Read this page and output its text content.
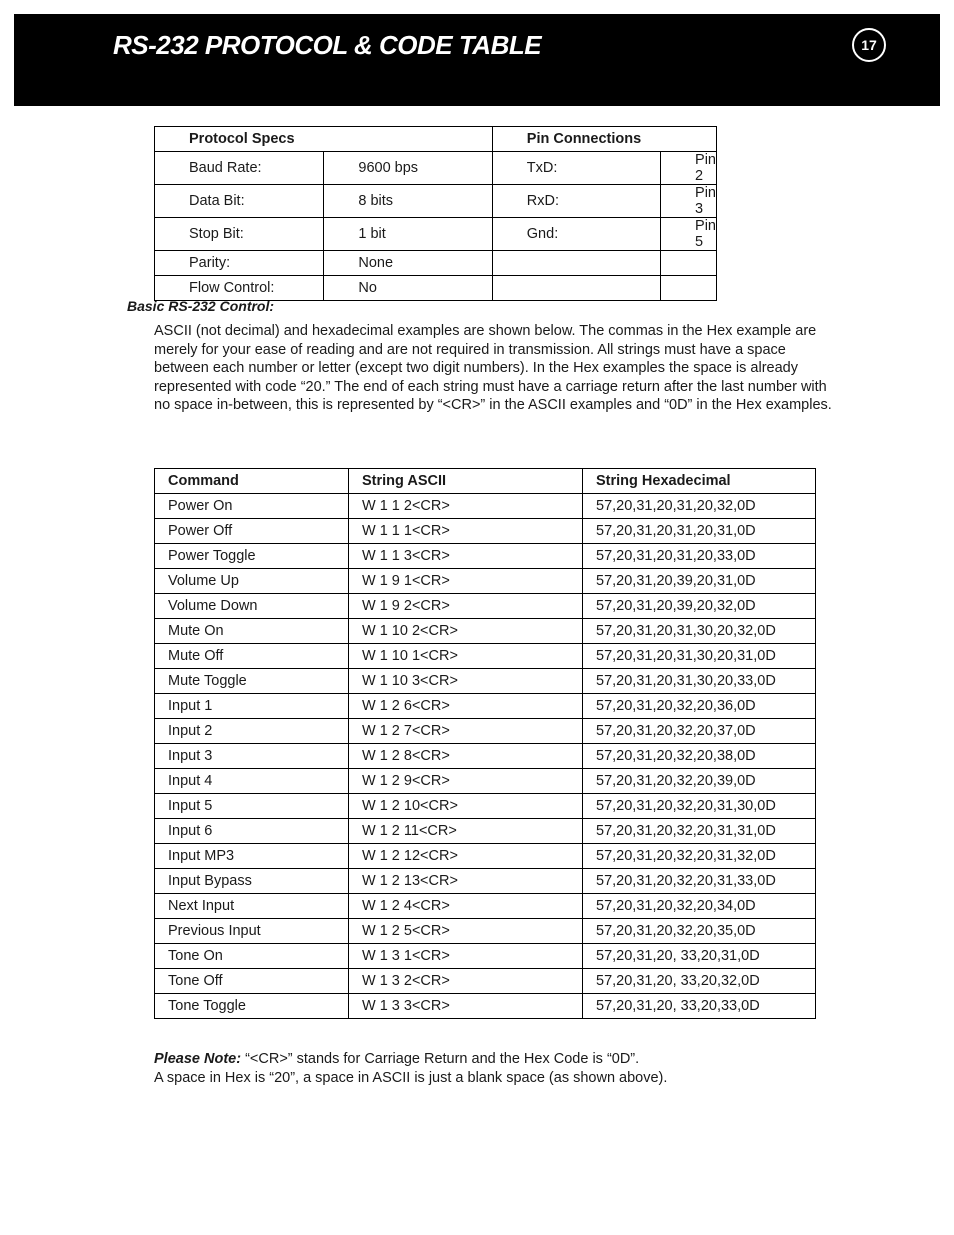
RS-232 PROTOCOL & CODE TABLE	17
Protocol Specs		Pin Connections	
Baud Rate:	9600 bps	TxD:	Pin 2
Data Bit:	8 bits	RxD:	Pin 3
Stop Bit:	1 bit	Gnd:	Pin 5
Parity:	None		
Flow Control:	No		
Basic RS-232 Control:
ASCII (not decimal) and hexadecimal examples are shown below. The commas in the Hex example are merely for your ease of reading and are not required in transmission. All strings must have a space between each number or letter (except two digit numbers). In the Hex examples the space is already represented with code “20.” The end of each string must have a carriage return after the last number with no space in-between, this is represented by “<CR>” in the ASCII examples and “0D” in the Hex examples.
Command	String ASCII	String Hexadecimal
Power On	W 1 1 2<CR>	57,20,31,20,31,20,32,0D
Power Off	W 1 1 1<CR>	57,20,31,20,31,20,31,0D
Power Toggle	W 1 1 3<CR>	57,20,31,20,31,20,33,0D
Volume Up	W 1 9 1<CR>	57,20,31,20,39,20,31,0D
Volume Down	W 1 9 2<CR>	57,20,31,20,39,20,32,0D
Mute On	W 1 10 2<CR>	57,20,31,20,31,30,20,32,0D
Mute Off	W 1 10 1<CR>	57,20,31,20,31,30,20,31,0D
Mute Toggle	W 1 10 3<CR>	57,20,31,20,31,30,20,33,0D
Input 1	W 1 2 6<CR>	57,20,31,20,32,20,36,0D
Input 2	W 1 2 7<CR>	57,20,31,20,32,20,37,0D
Input 3	W 1 2 8<CR>	57,20,31,20,32,20,38,0D
Input 4	W 1 2 9<CR>	57,20,31,20,32,20,39,0D
Input 5	W 1 2 10<CR>	57,20,31,20,32,20,31,30,0D
Input 6	W 1 2 11<CR>	57,20,31,20,32,20,31,31,0D
Input MP3	W 1 2 12<CR>	57,20,31,20,32,20,31,32,0D
Input Bypass	W 1 2 13<CR>	57,20,31,20,32,20,31,33,0D
Next Input	W 1 2 4<CR>	57,20,31,20,32,20,34,0D
Previous Input	W 1 2 5<CR>	57,20,31,20,32,20,35,0D
Tone On	W 1 3 1<CR>	57,20,31,20, 33,20,31,0D
Tone Off	W 1 3 2<CR>	57,20,31,20, 33,20,32,0D
Tone Toggle	W 1 3 3<CR>	57,20,31,20, 33,20,33,0D
Please Note: “<CR>” stands for Carriage Return and the Hex Code is “0D”.
A space in Hex is “20”, a space in ASCII is just a blank space (as shown above).
